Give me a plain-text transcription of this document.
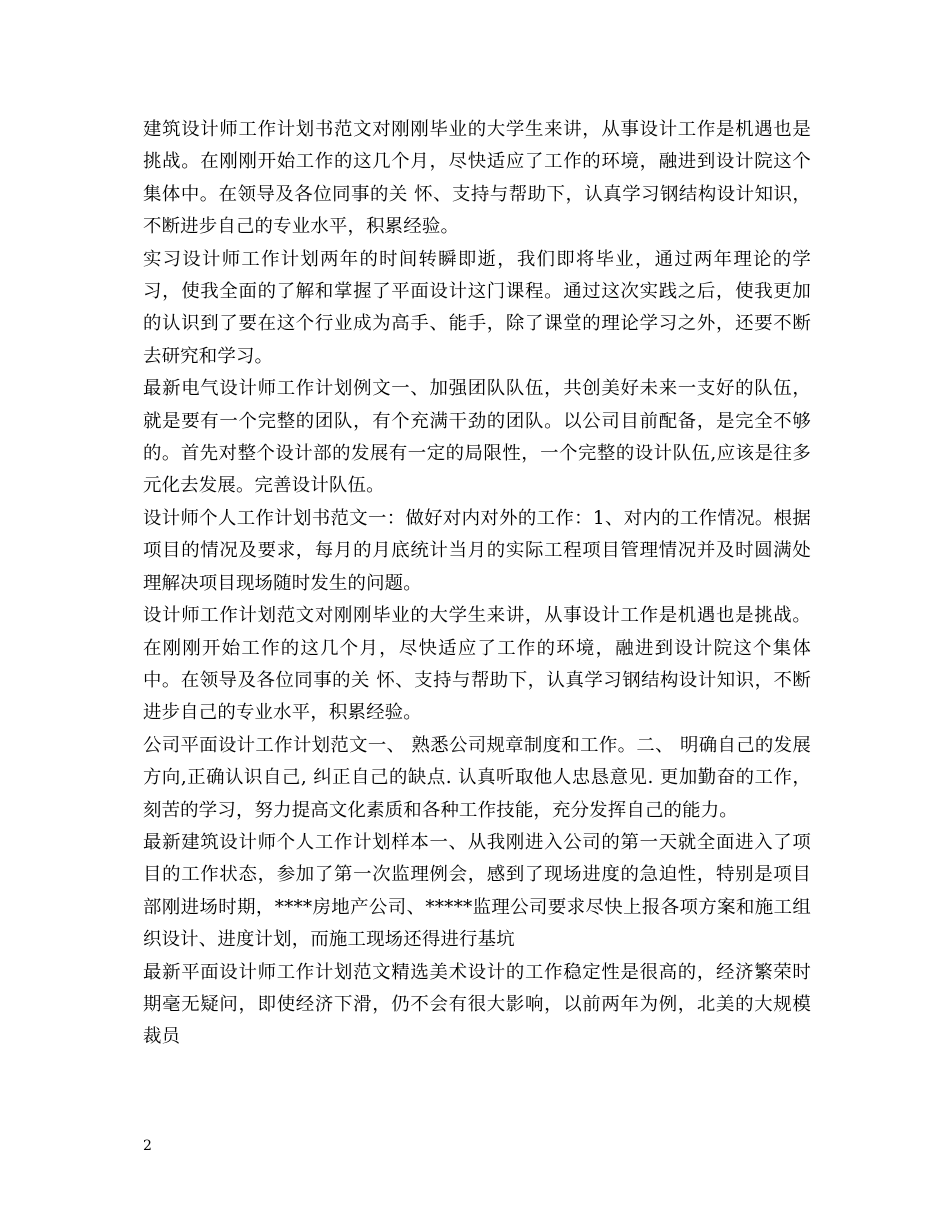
建筑设计师工作计划书范文对刚刚毕业的大学生来讲，从事设计工作是机遇也是挑战。在刚刚开始工作的这几个月，尽快适应了工作的环境，融进到设计院这个集体中。在领导及各位同事的关 怀、支持与帮助下，认真学习钢结构设计知识，不断进步自己的专业水平，积累经验。

实习设计师工作计划两年的时间转瞬即逝，我们即将毕业，通过两年理论的学习，使我全面的了解和掌握了平面设计这门课程。通过这次实践之后，使我更加的认识到了要在这个行业成为高手、能手，除了课堂的理论学习之外，还要不断去研究和学习。

最新电气设计师工作计划例文一、加强团队队伍，共创美好未来一支好的队伍，就是要有一个完整的团队，有个充满干劲的团队。以公司目前配备，是完全不够的。首先对整个设计部的发展有一定的局限性，一个完整的设计队伍,应该是往多元化去发展。完善设计队伍。

设计师个人工作计划书范文一：做好对内对外的工作：1、对内的工作情况。根据项目的情况及要求，每月的月底统计当月的实际工程项目管理情况并及时圆满处理解决项目现场随时发生的问题。

设计师工作计划范文对刚刚毕业的大学生来讲，从事设计工作是机遇也是挑战。在刚刚开始工作的这几个月，尽快适应了工作的环境，融进到设计院这个集体中。在领导及各位同事的关 怀、支持与帮助下，认真学习钢结构设计知识，不断进步自己的专业水平，积累经验。

公司平面设计工作计划范文一、 熟悉公司规章制度和工作。二、 明确自己的发展方向,正确认识自己, 纠正自己的缺点. 认真听取他人忠恳意见. 更加勤奋的工作，刻苦的学习，努力提高文化素质和各种工作技能，充分发挥自己的能力。

最新建筑设计师个人工作计划样本一、从我刚进入公司的第一天就全面进入了项目的工作状态，参加了第一次监理例会，感到了现场进度的急迫性，特别是项目部刚进场时期，****房地产公司、*****监理公司要求尽快上报各项方案和施工组织设计、进度计划，而施工现场还得进行基坑

最新平面设计师工作计划范文精选美术设计的工作稳定性是很高的，经济繁荣时期毫无疑问，即使经济下滑，仍不会有很大影响，以前两年为例，北美的大规模裁员

2
